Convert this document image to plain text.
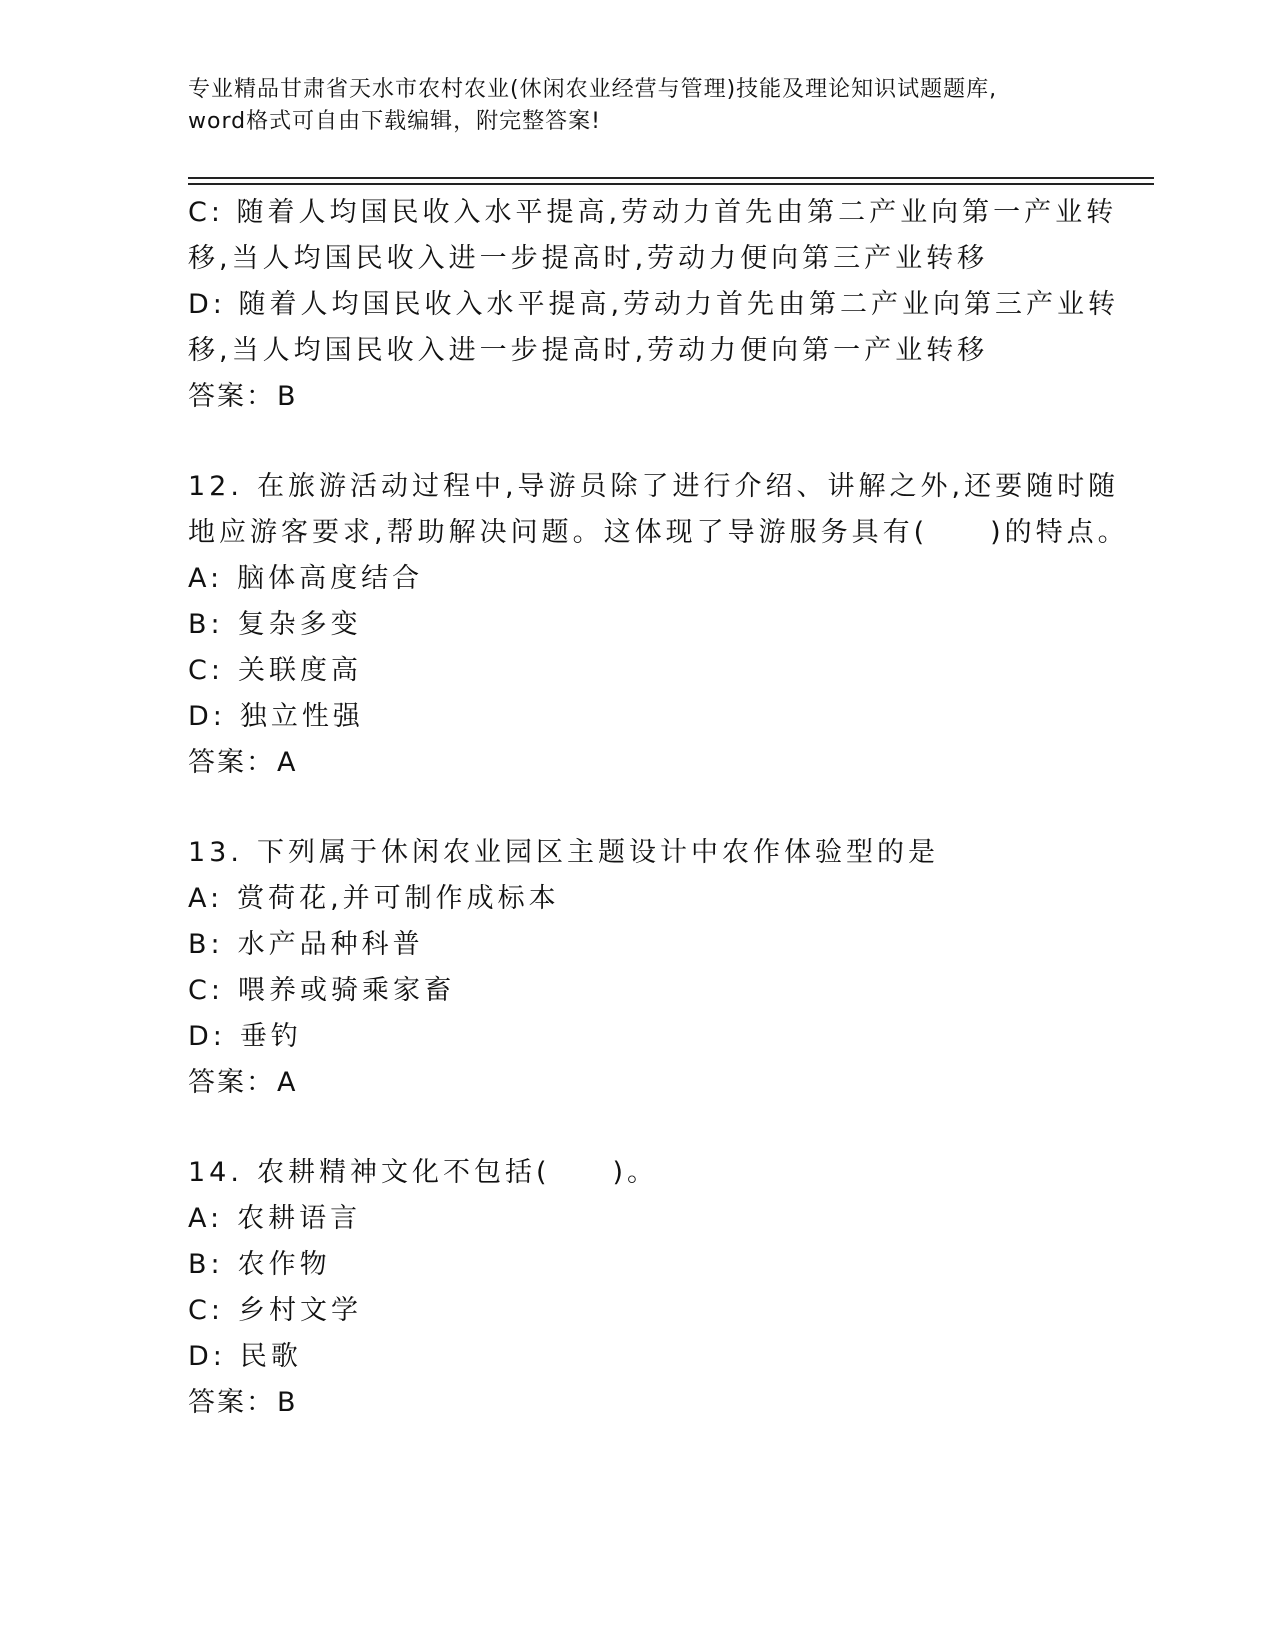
专业精品甘肃省天水市农村农业(休闲农业经营与管理)技能及理论知识试题题库,
word格式可自由下载编辑，附完整答案!
C: 随着人均国民收入水平提高,劳动力首先由第二产业向第一产业转
移,当人均国民收入进一步提高时,劳动力便向第三产业转移
D: 随着人均国民收入水平提高,劳动力首先由第二产业向第三产业转
移,当人均国民收入进一步提高时,劳动力便向第一产业转移
答案：B
12. 在旅游活动过程中,导游员除了进行介绍、讲解之外,还要随时随
地应游客要求,帮助解决问题。这体现了导游服务具有(　　)的特点。
A: 脑体高度结合
B: 复杂多变
C: 关联度高
D: 独立性强
答案：A
13. 下列属于休闲农业园区主题设计中农作体验型的是
A: 赏荷花,并可制作成标本
B: 水产品种科普
C: 喂养或骑乘家畜
D: 垂钓
答案：A
14. 农耕精神文化不包括(　　)。
A: 农耕语言
B: 农作物
C: 乡村文学
D: 民歌
答案：B
